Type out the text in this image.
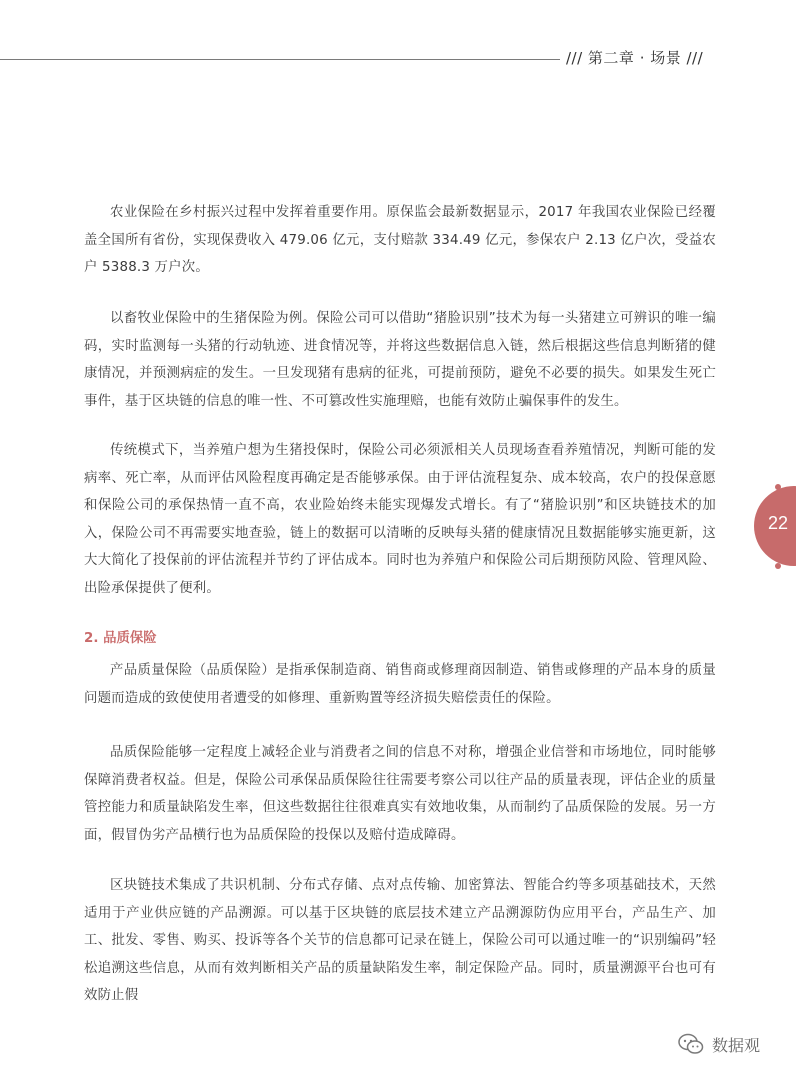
/// 第二章 · 场景 ///

农业保险在乡村振兴过程中发挥着重要作用。原保监会最新数据显示，2017 年我国农业保险已经覆盖全国所有省份，实现保费收入 479.06 亿元，支付赔款 334.49 亿元，参保农户 2.13 亿户次，受益农户 5388.3 万户次。

以畜牧业保险中的生猪保险为例。保险公司可以借助“猪脸识别”技术为每一头猪建立可辨识的唯一编码，实时监测每一头猪的行动轨迹、进食情况等，并将这些数据信息入链，然后根据这些信息判断猪的健康情况，并预测病症的发生。一旦发现猪有患病的征兆，可提前预防，避免不必要的损失。如果发生死亡事件，基于区块链的信息的唯一性、不可篡改性实施理赔，也能有效防止骗保事件的发生。

传统模式下，当养殖户想为生猪投保时，保险公司必须派相关人员现场查看养殖情况，判断可能的发病率、死亡率，从而评估风险程度再确定是否能够承保。由于评估流程复杂、成本较高，农户的投保意愿和保险公司的承保热情一直不高，农业险始终未能实现爆发式增长。有了“猪脸识别”和区块链技术的加入，保险公司不再需要实地查验，链上的数据可以清晰的反映每头猪的健康情况且数据能够实施更新，这大大简化了投保前的评估流程并节约了评估成本。同时也为养殖户和保险公司后期预防风险、管理风险、出险承保提供了便利。

2. 品质保险

产品质量保险（品质保险）是指承保制造商、销售商或修理商因制造、销售或修理的产品本身的质量问题而造成的致使使用者遭受的如修理、重新购置等经济损失赔偿责任的保险。

品质保险能够一定程度上减轻企业与消费者之间的信息不对称，增强企业信誉和市场地位，同时能够保障消费者权益。但是，保险公司承保品质保险往往需要考察公司以往产品的质量表现，评估企业的质量管控能力和质量缺陷发生率，但这些数据往往很难真实有效地收集，从而制约了品质保险的发展。另一方面，假冒伪劣产品横行也为品质保险的投保以及赔付造成障碍。

区块链技术集成了共识机制、分布式存储、点对点传输、加密算法、智能合约等多项基础技术，天然适用于产业供应链的产品溯源。可以基于区块链的底层技术建立产品溯源防伪应用平台，产品生产、加工、批发、零售、购买、投诉等各个关节的信息都可记录在链上，保险公司可以通过唯一的“识别编码”轻松追溯这些信息，从而有效判断相关产品的质量缺陷发生率，制定保险产品。同时，质量溯源平台也可有效防止假

22
数据观
